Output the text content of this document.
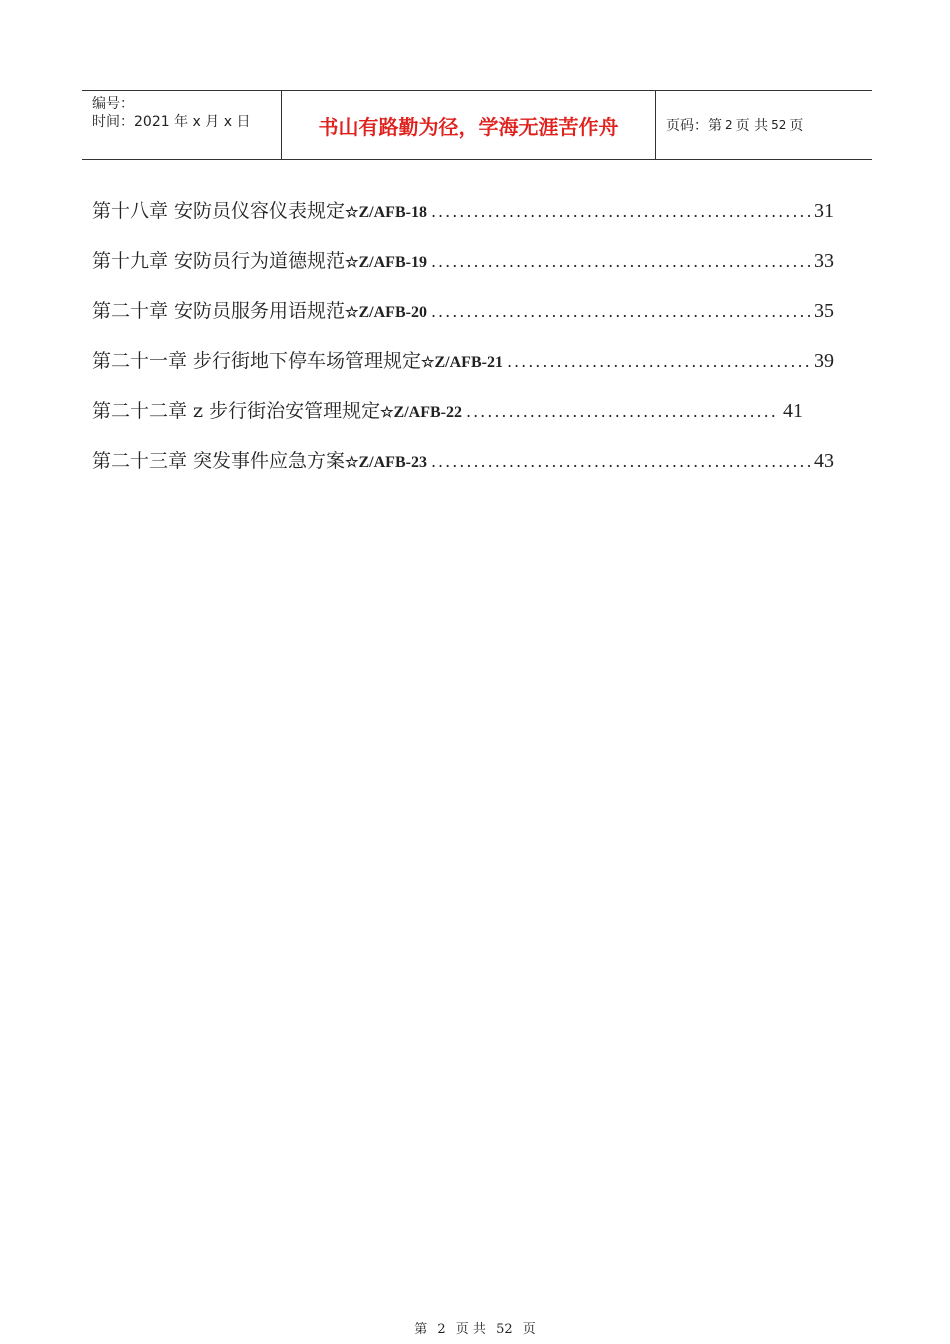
编号：
时间：2021 年 x 月 x 日	书山有路勤为径，学海无涯苦作舟	页码：第 2 页 共 52 页
第十八章 安防员仪容仪表规定 ☆ Z/AFB-18 .....	31
第十九章 安防员行为道德规范 ☆ Z/AFB-19 .....	33
第二十章 安防员服务用语规范 ☆ Z/AFB-20 .....	35
第二十一章 步行街地下停车场管理规定 ☆ Z/AFB-21 .....	39
第二十二章 z 步行街治安管理规定 ☆ Z/AFB-22 .....	41
第二十三章 突发事件应急方案 ☆ Z/AFB-23 .....	43
第 2 页 共 52 页
